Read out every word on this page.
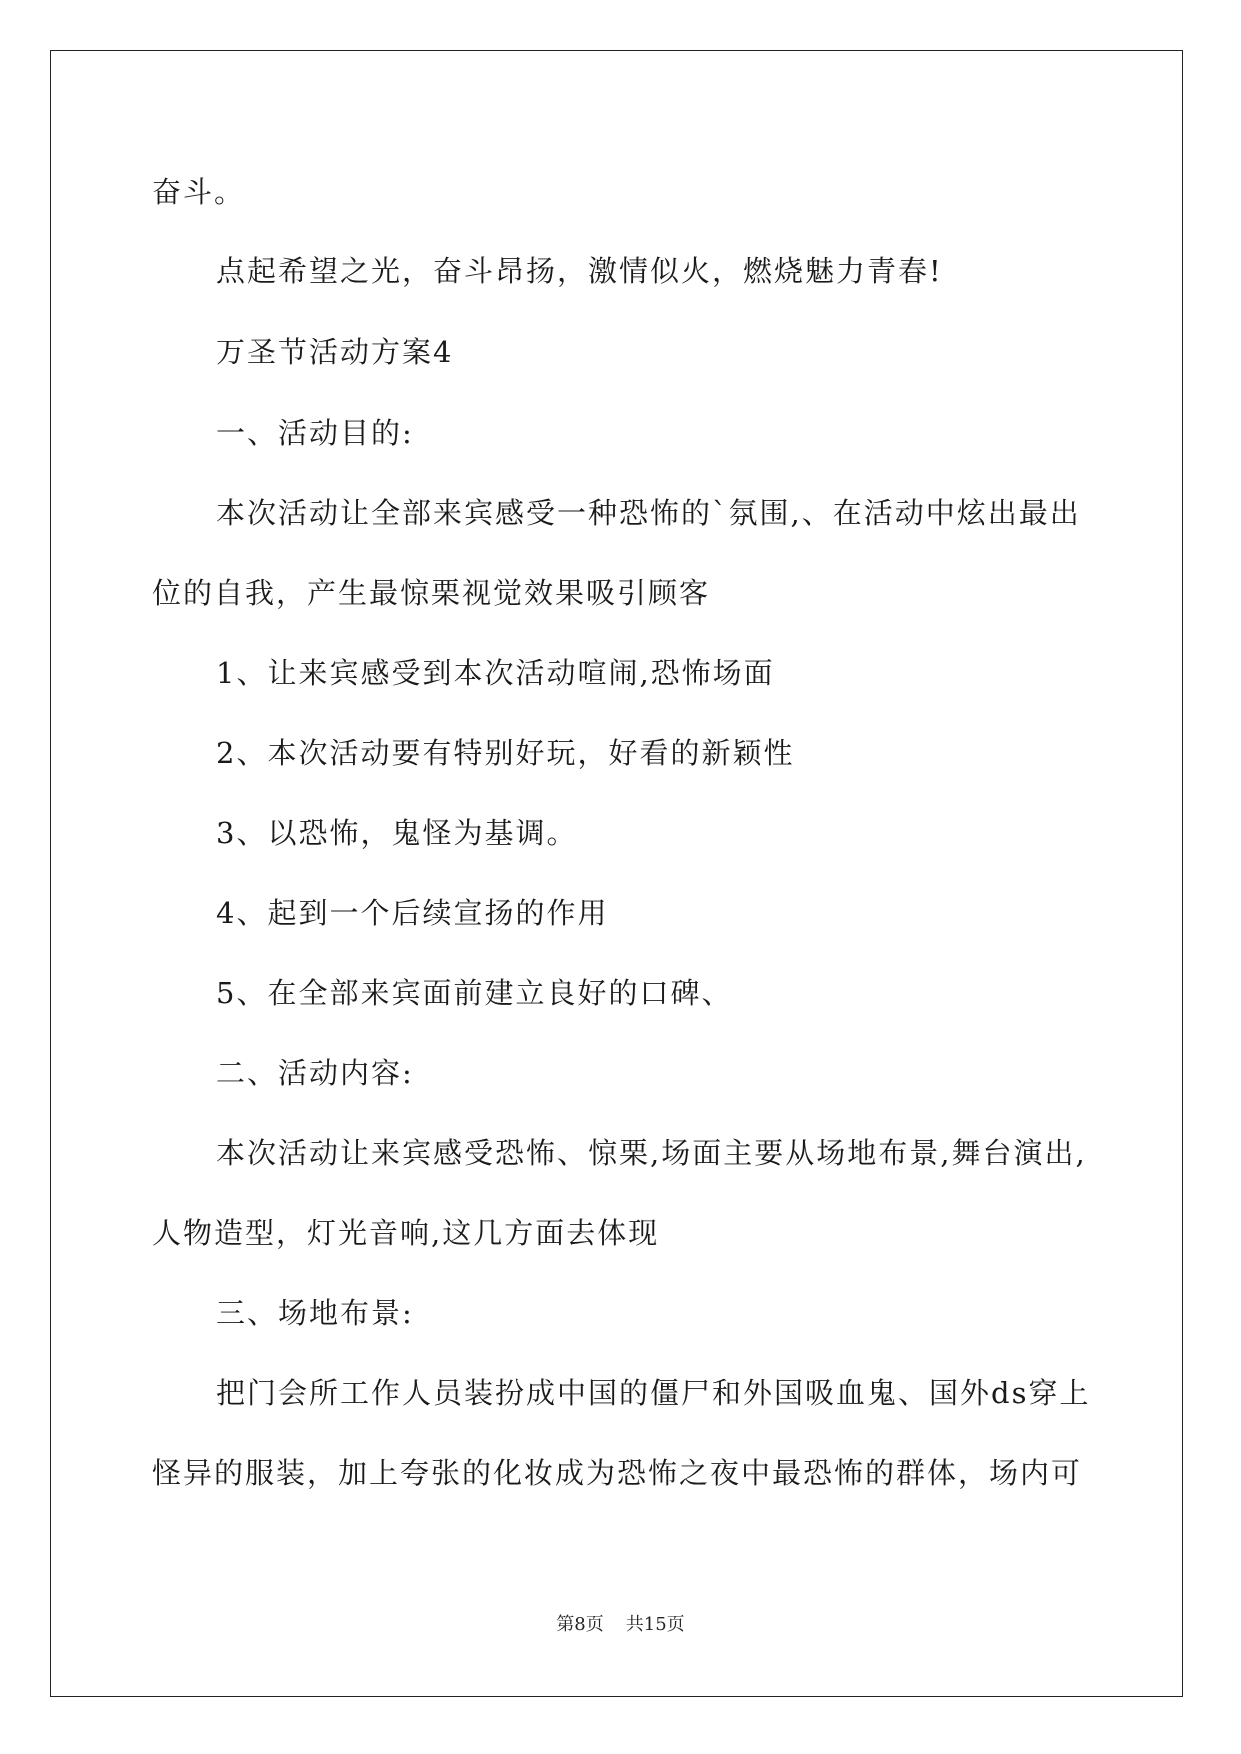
奋斗。
点起希望之光，奋斗昂扬，激情似火，燃烧魅力青春!
万圣节活动方案4
一、活动目的:
本次活动让全部来宾感受一种恐怖的`氛围,、在活动中炫出最出
位的自我，产生最惊栗视觉效果吸引顾客
1、让来宾感受到本次活动喧闹,恐怖场面
2、本次活动要有特别好玩，好看的新颖性
3、以恐怖，鬼怪为基调。
4、起到一个后续宣扬的作用
5、在全部来宾面前建立良好的口碑、
二、活动内容:
本次活动让来宾感受恐怖、惊栗,场面主要从场地布景,舞台演出,
人物造型，灯光音响,这几方面去体现
三、场地布景:
把门会所工作人员装扮成中国的僵尸和外国吸血鬼、国外ds穿上
怪异的服装，加上夸张的化妆成为恐怖之夜中最恐怖的群体，场内可
第8页 共15页
